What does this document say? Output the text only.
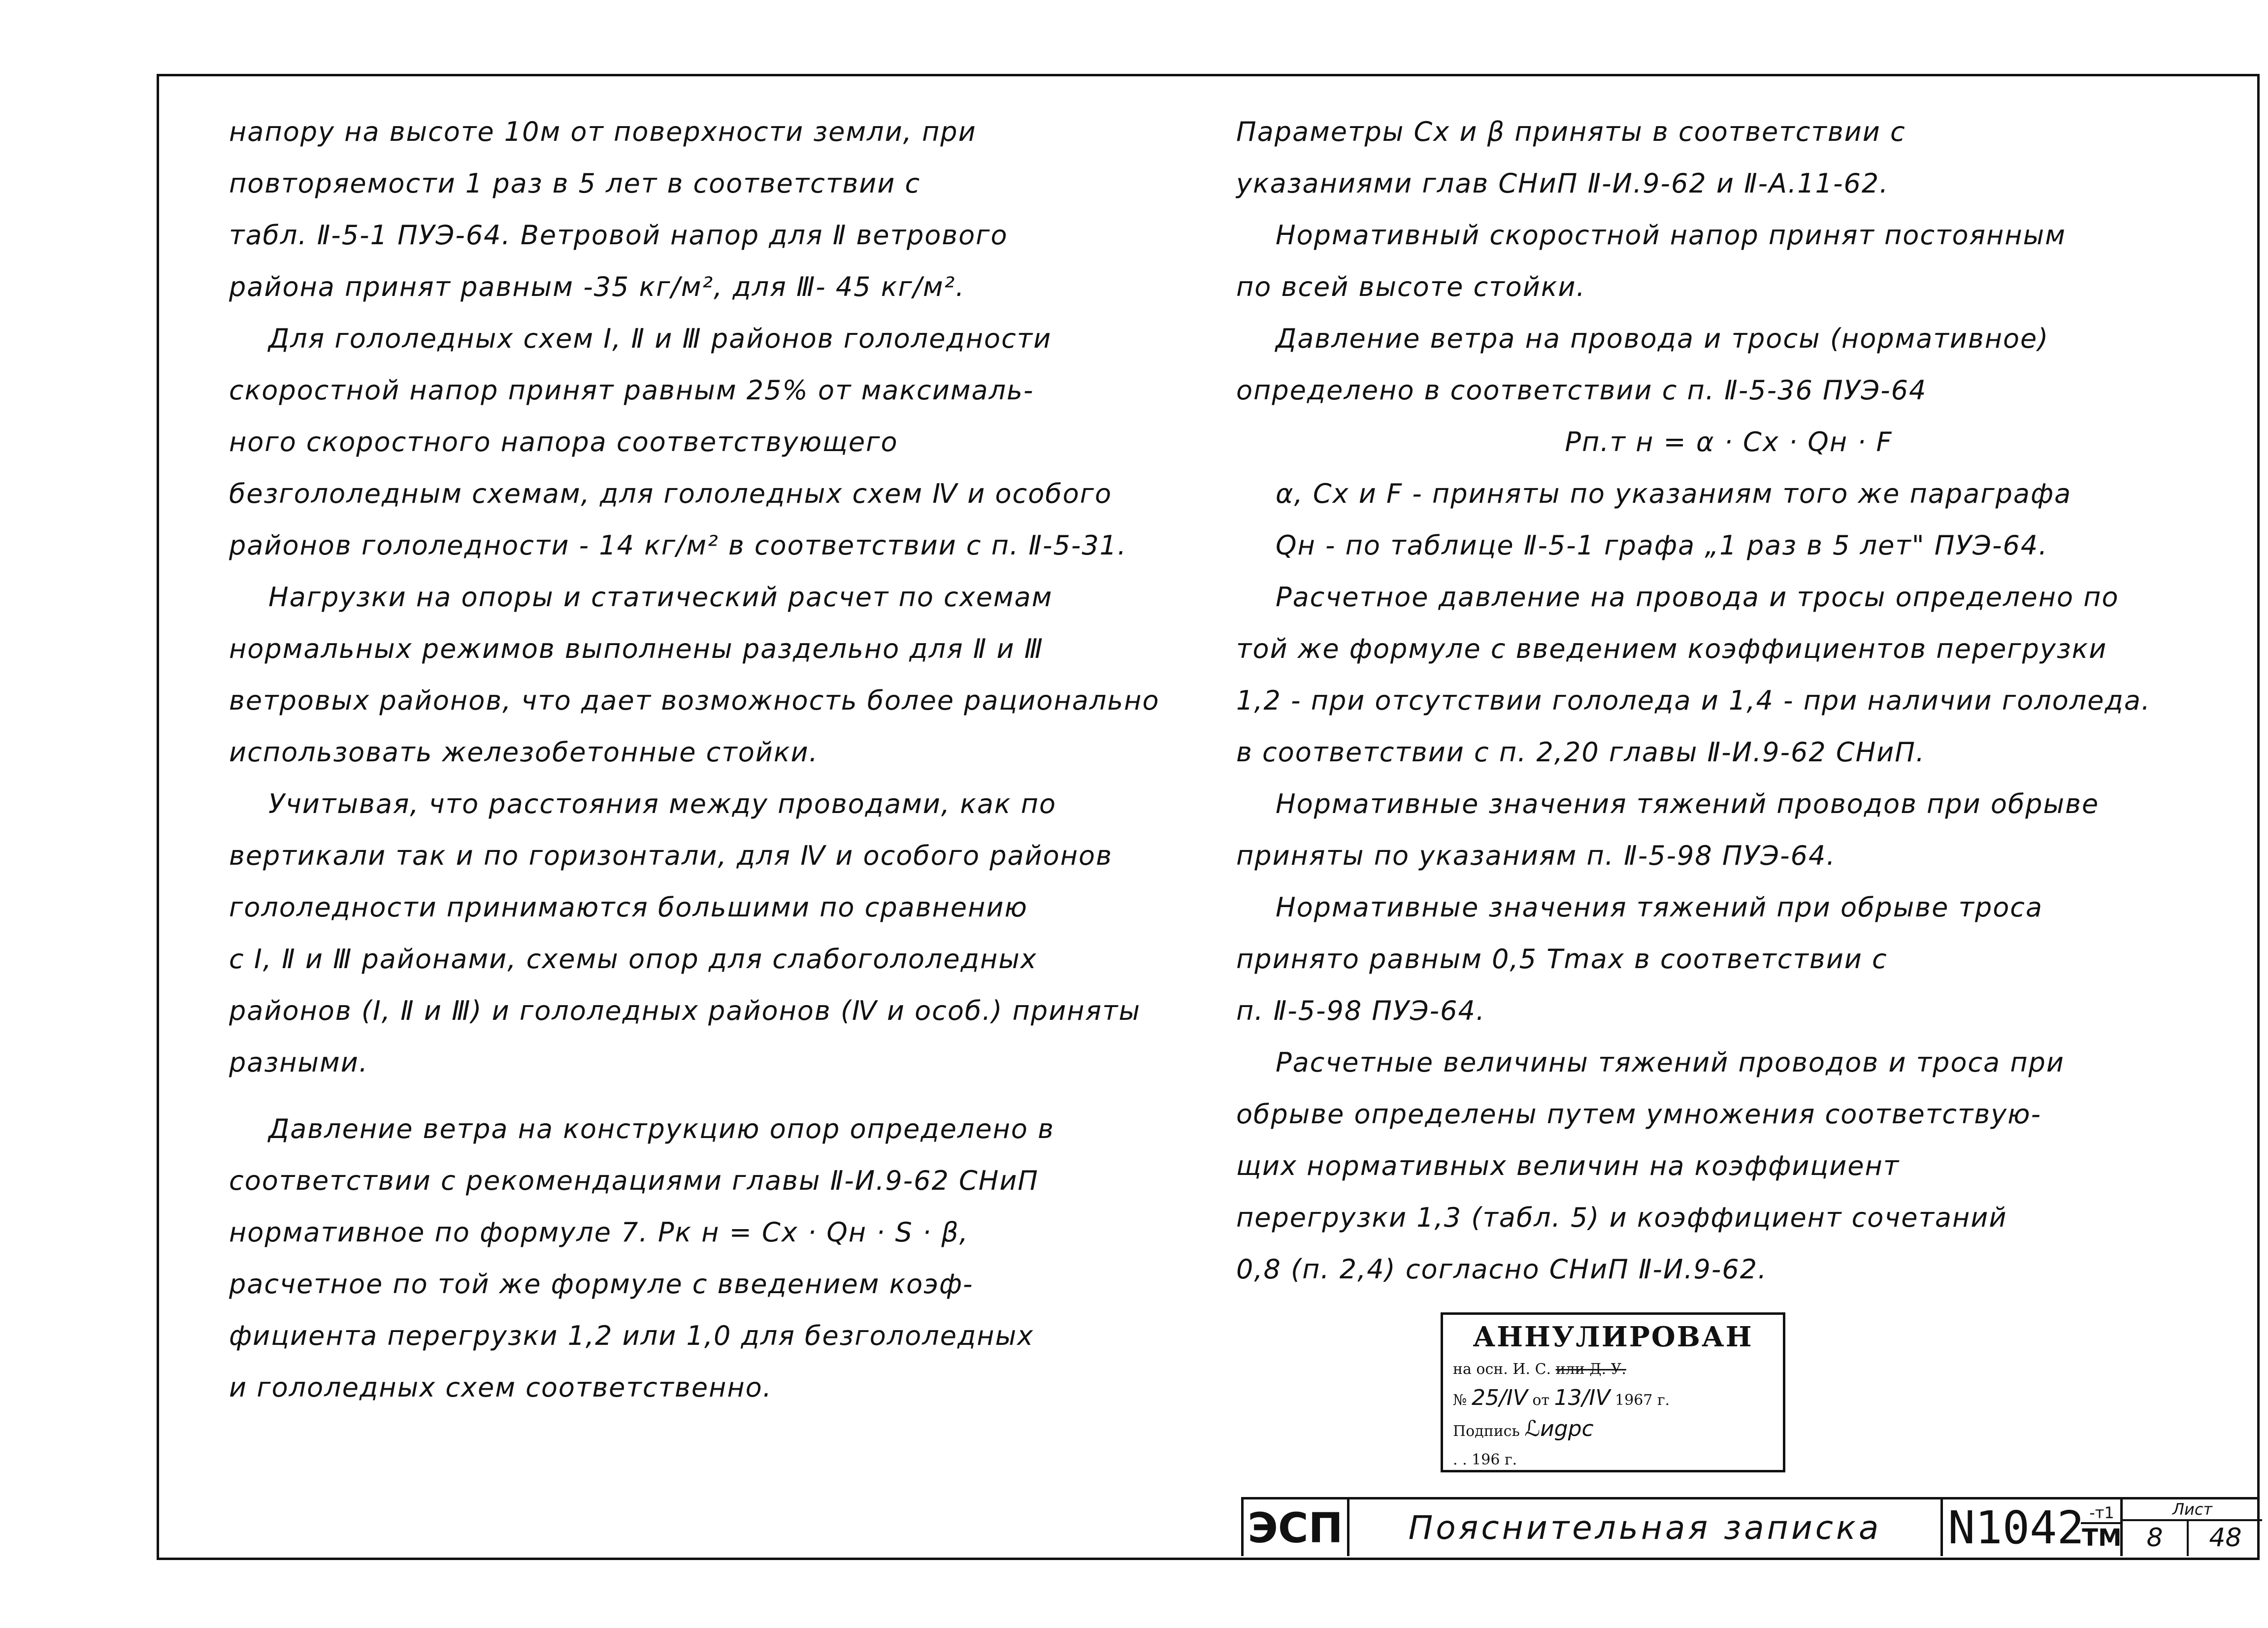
напору на высоте 10м от поверхности земли, при
повторяемости 1 раз в 5 лет в соответствии с
табл. Ⅱ-5-1 ПУЭ-64. Ветровой напор для Ⅱ ветрового
района принят равным -35 кг/м², для Ⅲ- 45 кг/м².
Для гололедных схем Ⅰ, Ⅱ и Ⅲ районов гололедности
скоростной напор принят равным 25% от максималь-
ного скоростного напора соответствующего
безгололедным схемам, для гололедных схем Ⅳ и особого
районов гололедности - 14 кг/м² в соответствии с п. Ⅱ-5-31.
Нагрузки на опоры и статический расчет по схемам
нормальных режимов выполнены раздельно для Ⅱ и Ⅲ
ветровых районов, что дает возможность более рационально
использовать железобетонные стойки.
Учитывая, что расстояния между проводами, как по
вертикали так и по горизонтали, для Ⅳ и особого районов
гололедности принимаются большими по сравнению
с Ⅰ, Ⅱ и Ⅲ районами, схемы опор для слабогололедных
районов (Ⅰ, Ⅱ и Ⅲ) и гололедных районов (Ⅳ и особ.) приняты
разными.
Давление ветра на конструкцию опор определено в
соответствии с рекомендациями главы Ⅱ-И.9-62 СНиП
нормативное по формуле 7. Pк н = Cx · Qн · S · β,
расчетное по той же формуле с введением коэф-
фициента перегрузки 1,2 или 1,0 для безгололедных
и гололедных схем соответственно.
Параметры Cx и β приняты в соответствии с
указаниями глав СНиП Ⅱ-И.9-62 и Ⅱ-А.11-62.
Нормативный скоростной напор принят постоянным
по всей высоте стойки.
Давление ветра на провода и тросы (нормативное)
определено в соответствии с п. Ⅱ-5-36 ПУЭ-64
Pп.т н = α · Cx · Qн · F
α, Cx и F - приняты по указаниям того же параграфа
Qн - по таблице Ⅱ-5-1 графа „1 раз в 5 лет" ПУЭ-64.
Расчетное давление на провода и тросы определено по
той же формуле с введением коэффициентов перегрузки
1,2 - при отсутствии гололеда и 1,4 - при наличии гололеда.
в соответствии с п. 2,20 главы Ⅱ-И.9-62 СНиП.
Нормативные значения тяжений проводов при обрыве
приняты по указаниям п. Ⅱ-5-98 ПУЭ-64.
Нормативные значения тяжений при обрыве троса
принято равным 0,5 Tmax в соответствии с
п. Ⅱ-5-98 ПУЭ-64.
Расчетные величины тяжений проводов и троса при
обрыве определены путем умножения соответствую-
щих нормативных величин на коэффициент
перегрузки 1,3 (табл. 5) и коэффициент сочетаний
0,8 (п. 2,4) согласно СНиП Ⅱ-И.9-62.
АННУЛИРОВАН
на осн. И. С. или Д. У.
№ 25/IV от 13/IV 1967 г.
Подпись ℒиgрс
. . 196 г.
ЭСП	Пояснительная записка	N1042 -т1
ТМ
Лист
8	48
